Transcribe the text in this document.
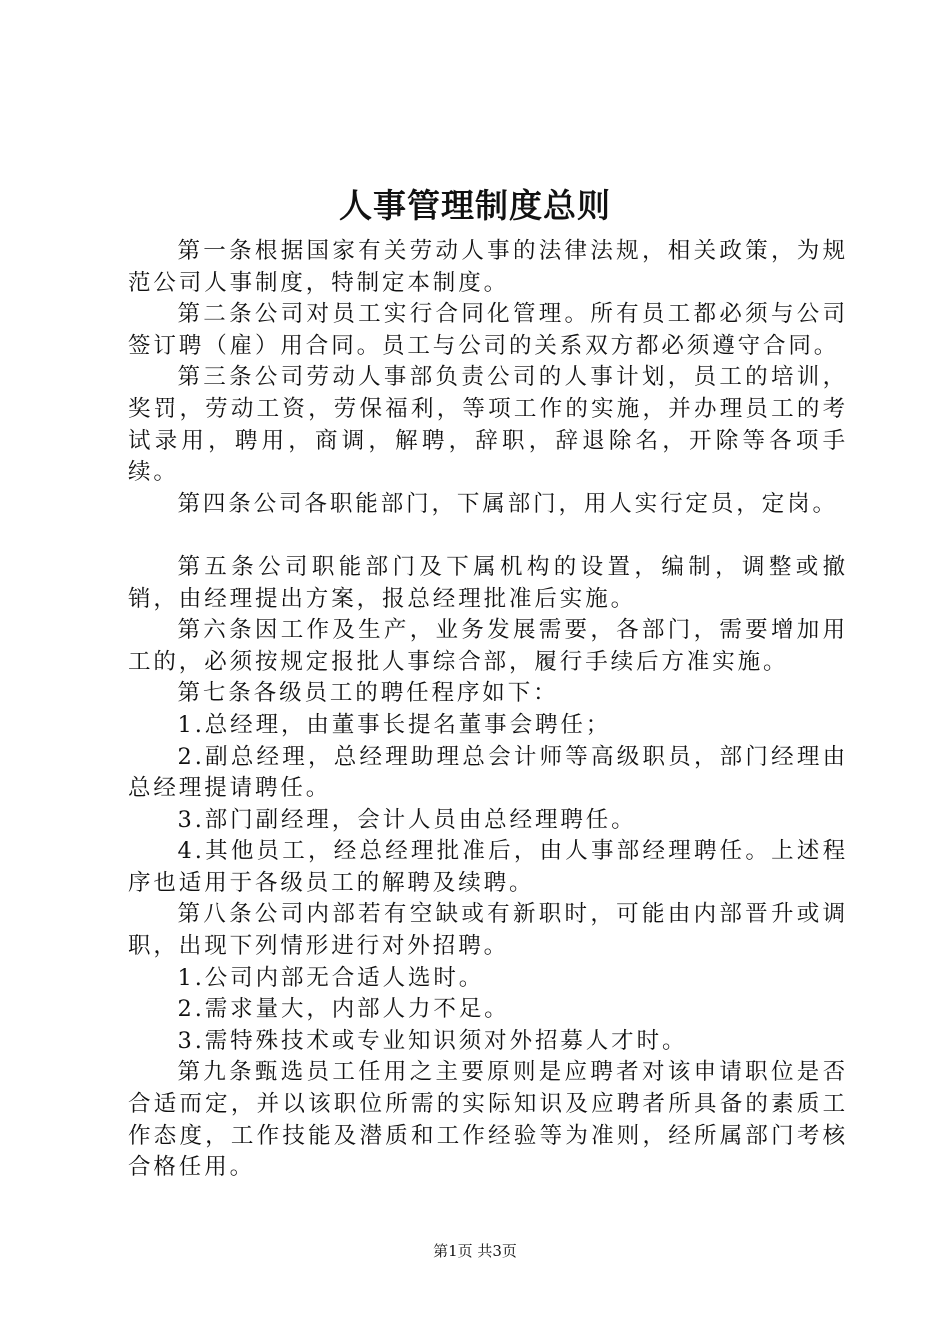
人事管理制度总则

第一条根据国家有关劳动人事的法律法规，相关政策，为规范公司人事制度，特制定本制度。

第二条公司对员工实行合同化管理。所有员工都必须与公司签订聘（雇）用合同。员工与公司的关系双方都必须遵守合同。

第三条公司劳动人事部负责公司的人事计划，员工的培训，奖罚，劳动工资，劳保福利，等项工作的实施，并办理员工的考试录用，聘用，商调，解聘，辞职，辞退除名，开除等各项手续。

第四条公司各职能部门，下属部门，用人实行定员，定岗。

第五条公司职能部门及下属机构的设置，编制，调整或撤销，由经理提出方案，报总经理批准后实施。

第六条因工作及生产，业务发展需要，各部门，需要增加用工的，必须按规定报批人事综合部，履行手续后方准实施。

第七条各级员工的聘任程序如下：

1.总经理，由董事长提名董事会聘任；

2.副总经理，总经理助理总会计师等高级职员，部门经理由总经理提请聘任。

3.部门副经理，会计人员由总经理聘任。

4.其他员工，经总经理批准后，由人事部经理聘任。上述程序也适用于各级员工的解聘及续聘。

第八条公司内部若有空缺或有新职时，可能由内部晋升或调职，出现下列情形进行对外招聘。

1.公司内部无合适人选时。

2.需求量大，内部人力不足。

3.需特殊技术或专业知识须对外招募人才时。

第九条甄选员工任用之主要原则是应聘者对该申请职位是否合适而定，并以该职位所需的实际知识及应聘者所具备的素质工作态度，工作技能及潜质和工作经验等为准则，经所属部门考核合格任用。

第1页 共3页
